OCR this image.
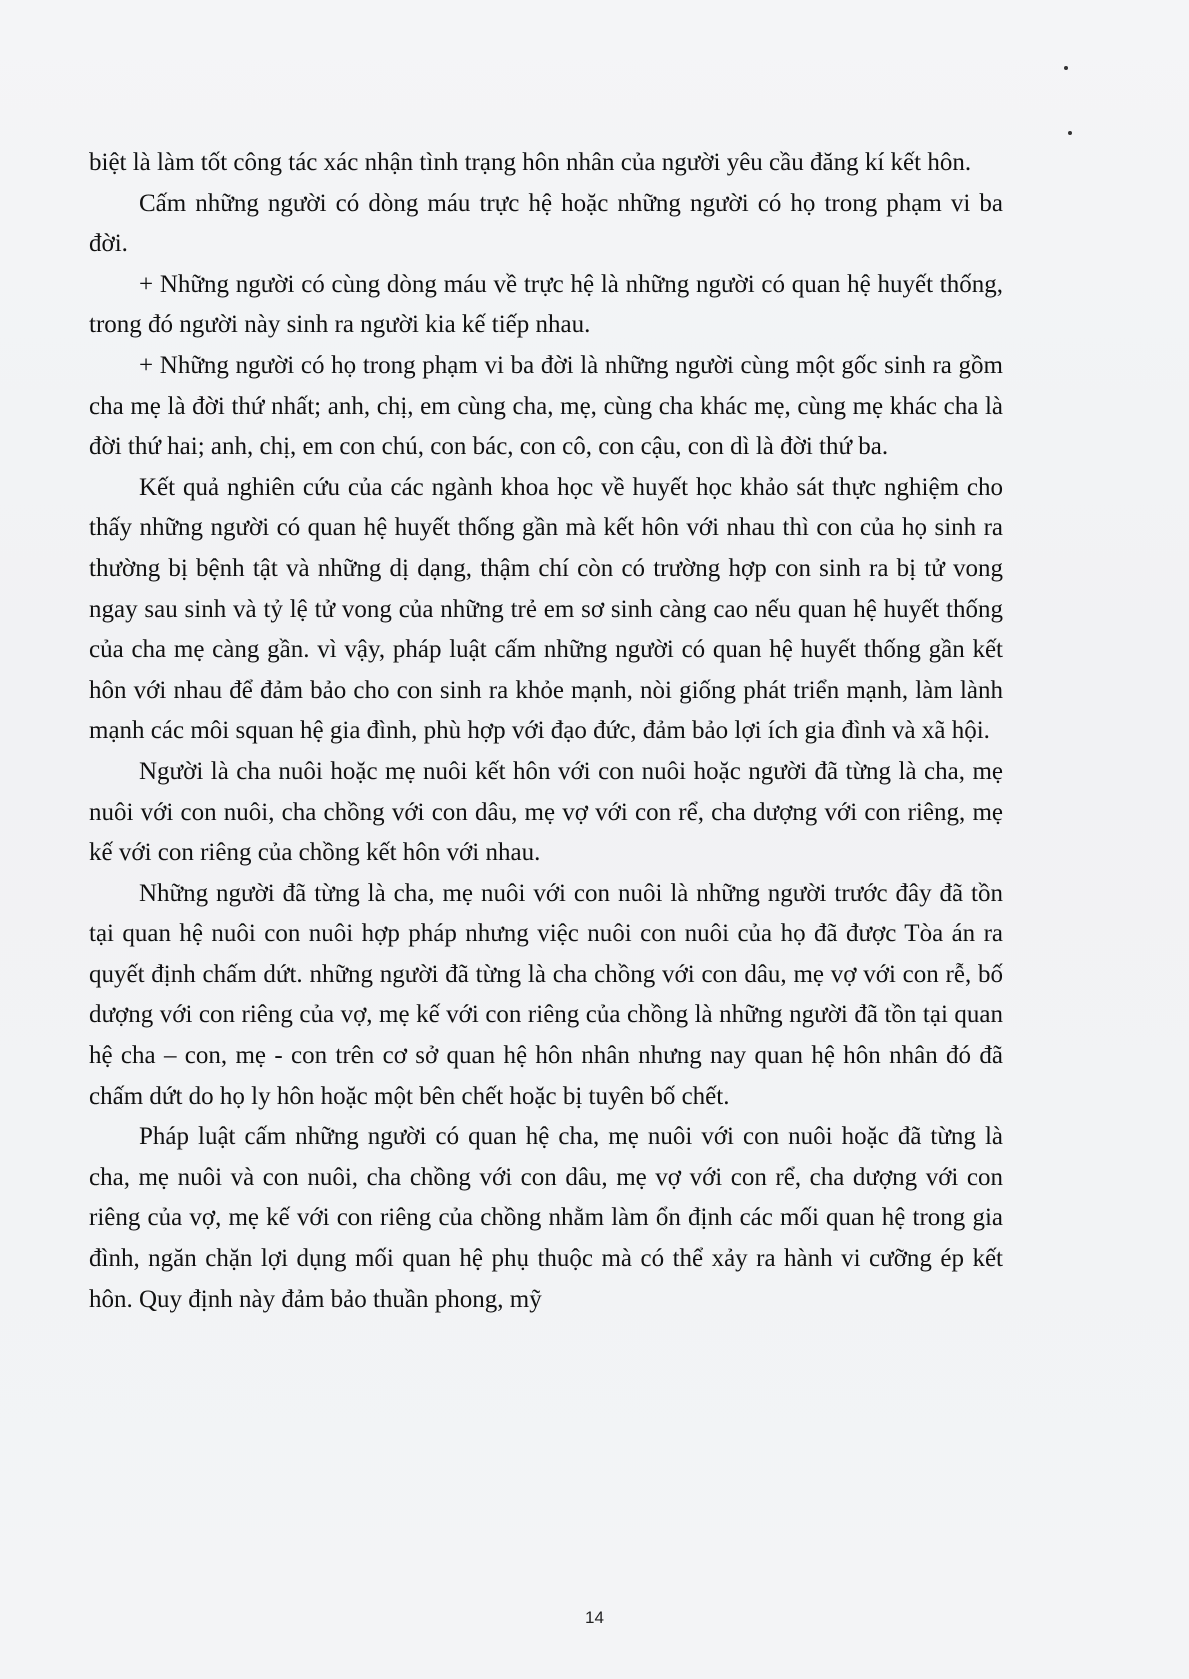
biệt là làm tốt công tác xác nhận tình trạng hôn nhân của người yêu cầu đăng kí kết hôn.

Cấm những người có dòng máu trực hệ hoặc những người có họ trong phạm vi ba đời.

+ Những người có cùng dòng máu về trực hệ là những người có quan hệ huyết thống, trong đó người này sinh ra người kia kế tiếp nhau.

+ Những người có họ trong phạm vi ba đời là những người cùng một gốc sinh ra gồm cha mẹ là đời thứ nhất; anh, chị, em cùng cha, mẹ, cùng cha khác mẹ, cùng mẹ khác cha là đời thứ hai; anh, chị, em con chú, con bác, con cô, con cậu, con dì là đời thứ ba.

Kết quả nghiên cứu của các ngành khoa học về huyết học khảo sát thực nghiệm cho thấy những người có quan hệ huyết thống gần mà kết hôn với nhau thì con của họ sinh ra thường bị bệnh tật và những dị dạng, thậm chí còn có trường hợp con sinh ra bị tử vong ngay sau sinh và tỷ lệ tử vong của những trẻ em sơ sinh càng cao nếu quan hệ huyết thống của cha mẹ càng gần. vì vậy, pháp luật cấm những người có quan hệ huyết thống gần kết hôn với nhau để đảm bảo cho con sinh ra khỏe mạnh, nòi giống phát triển mạnh, làm lành mạnh các môi squan hệ gia đình, phù hợp với đạo đức, đảm bảo lợi ích gia đình và xã hội.

Người là cha nuôi hoặc mẹ nuôi kết hôn với con nuôi hoặc người đã từng là cha, mẹ nuôi với con nuôi, cha chồng với con dâu, mẹ vợ với con rể, cha dượng với con riêng, mẹ kế với con riêng của chồng kết hôn với nhau.

Những người đã từng là cha, mẹ nuôi với con nuôi là những người trước đây đã tồn tại quan hệ nuôi con nuôi hợp pháp nhưng việc nuôi con nuôi của họ đã được Tòa án ra quyết định chấm dứt. những người đã từng là cha chồng với con dâu, mẹ vợ với con rễ, bố dượng với con riêng của vợ, mẹ kế với con riêng của chồng là những người đã tồn tại quan hệ cha – con, mẹ - con trên cơ sở quan hệ hôn nhân nhưng nay quan hệ hôn nhân đó đã chấm dứt do họ ly hôn hoặc một bên chết hoặc bị tuyên bố chết.

Pháp luật cấm những người có quan hệ cha, mẹ nuôi với con nuôi hoặc đã từng là cha, mẹ nuôi và con nuôi, cha chồng với con dâu, mẹ vợ với con rể, cha dượng với con riêng của vợ, mẹ kế với con riêng của chồng nhằm làm ổn định các mối quan hệ trong gia đình, ngăn chặn lợi dụng mối quan hệ phụ thuộc mà có thể xảy ra hành vi cưỡng ép kết hôn. Quy định này đảm bảo thuần phong, mỹ

14
